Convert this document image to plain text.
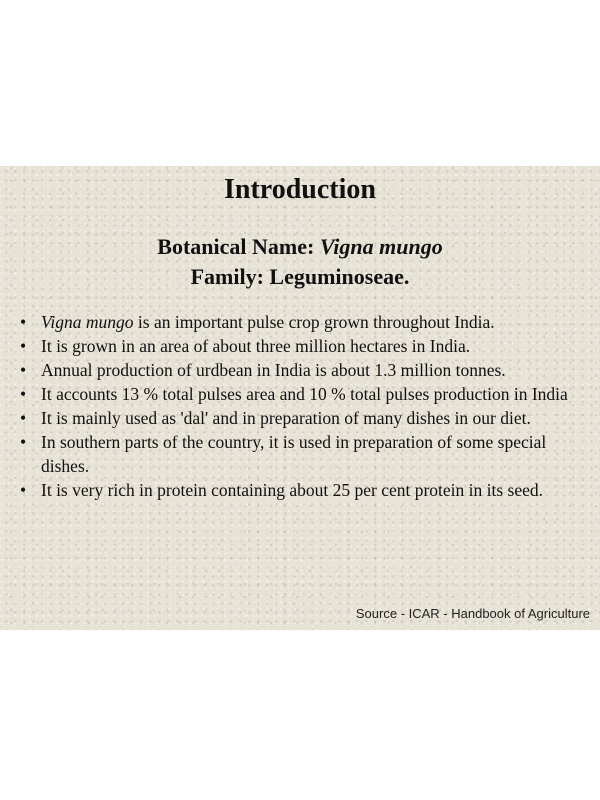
Introduction

Botanical Name: Vigna mungo

Family: Leguminoseae.

• Vigna mungo is an important pulse crop grown throughout India.
• It is grown in an area of about three million hectares in India.
• Annual production of urdbean in India is about 1.3 million tonnes.
• It accounts 13 % total pulses area and 10 % total pulses production in India
• It is mainly used as 'dal' and in preparation of many dishes in our diet.
• In southern parts of the country, it is used in preparation of some special dishes.
• It is very rich in protein containing about 25 per cent protein in its seed.
Source - ICAR - Handbook of Agriculture
